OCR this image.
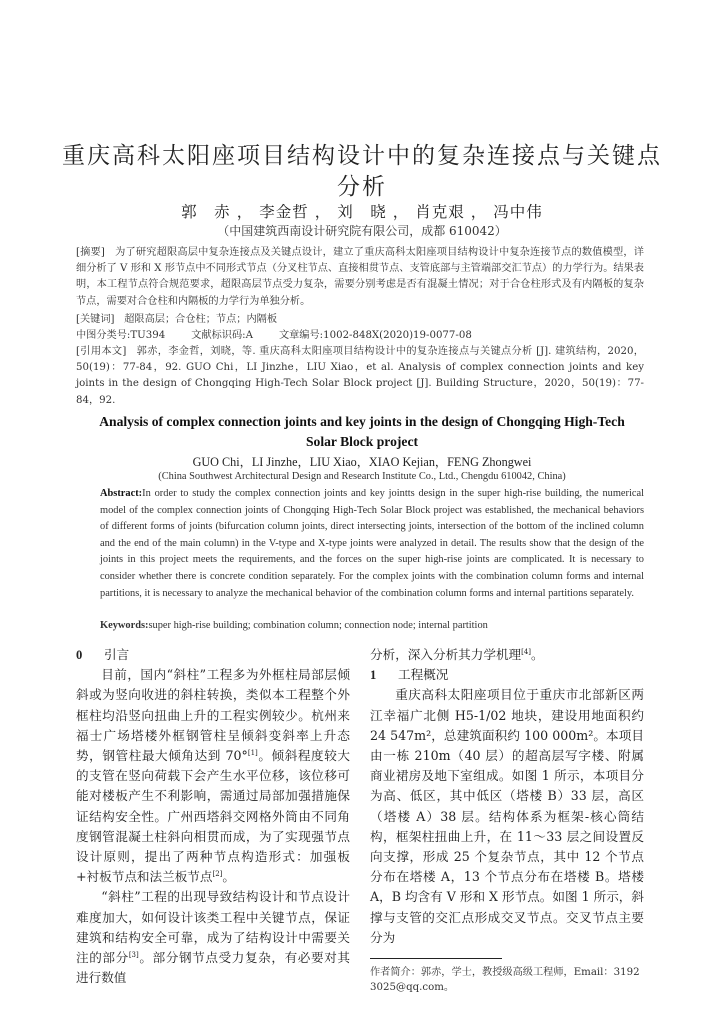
重庆高科太阳座项目结构设计中的复杂连接点与关键点分析
郭　赤 ， 李金哲 ， 刘　晓 ， 肖克艰 ， 冯中伟
（中国建筑西南设计研究院有限公司，成都 610042）
[摘要] 为了研究超限高层中复杂连接点及关键点设计，建立了重庆高科太阳座项目结构设计中复杂连接节点的数值模型，详细分析了 V 形和 X 形节点中不同形式节点（分叉柱节点、直接相贯节点、支管底部与主管端部交汇节点）的力学行为。结果表明，本工程节点符合规范要求，超限高层节点受力复杂，需要分别考虑是否有混凝土情况；对于合仓柱形式及有内隔板的复杂节点，需要对合仓柱和内隔板的力学行为单独分析。
[关键词] 超限高层；合仓柱；节点；内隔板
中图分类号:TU394	文献标识码:A	文章编号:1002-848X(2020)19-0077-08
[引用本文] 郭赤，李金哲，刘晓，等. 重庆高科太阳座项目结构设计中的复杂连接点与关键点分析 [J]. 建筑结构，2020，50(19)：77-84，92. GUO Chi，LI Jinzhe，LIU Xiao，et al. Analysis of complex connection joints and key joints in the design of Chongqing High-Tech Solar Block project [J]. Building Structure，2020，50(19)：77-84，92.
Analysis of complex connection joints and key joints in the design of Chongqing High-Tech
Solar Block project
GUO Chi，LI Jinzhe，LIU Xiao，XIAO Kejian，FENG Zhongwei
(China Southwest Architectural Design and Research Institute Co., Ltd., Chengdu 610042, China)
Abstract:In order to study the complex connection joints and key jointts design in the super high-rise building, the numerical model of the complex connection joints of Chongqing High-Tech Solar Block project was established, the mechanical behaviors of different forms of joints (bifurcation column joints, direct intersecting joints, intersection of the bottom of the inclined column and the end of the main column) in the V-type and X-type joints were analyzed in detail. The results show that the design of the joints in this project meets the requirements, and the forces on the super high-rise joints are complicated. It is necessary to consider whether there is concrete condition separately. For the complex joints with the combination column forms and internal partitions, it is necessary to analyze the mechanical behavior of the combination column forms and internal partitions separately.
Keywords:super high-rise building; combination column; connection node; internal partition
0 引言

目前，国内“斜柱”工程多为外框柱局部层倾斜或为竖向收进的斜柱转换，类似本工程整个外框柱均沿竖向扭曲上升的工程实例较少。杭州来福士广场塔楼外框钢管柱呈倾斜变斜率上升态势，钢管柱最大倾角达到 70°[1]。倾斜程度较大的支管在竖向荷载下会产生水平位移，该位移可能对楼板产生不利影响，需通过局部加强措施保证结构安全性。广州西塔斜交网格外筒由不同角度钢管混凝土柱斜向相贯而成，为了实现强节点设计原则，提出了两种节点构造形式：加强板+衬板节点和法兰板节点[2]。

“斜柱”工程的出现导致结构设计和节点设计难度加大，如何设计该类工程中关键节点，保证建筑和结构安全可靠，成为了结构设计中需要关注的部分[3]。部分钢节点受力复杂，有必要对其进行数值

分析，深入分析其力学机理[4]。

1 工程概况

重庆高科太阳座项目位于重庆市北部新区两江幸福广北侧 H5-1/02 地块，建设用地面积约 24 547m²，总建筑面积约 100 000m²。本项目由一栋 210m（40 层）的超高层写字楼、附属商业裙房及地下室组成。如图 1 所示，本项目分为高、低区，其中低区（塔楼 B）33 层，高区（塔楼 A）38 层。结构体系为框架-核心筒结构，框架柱扭曲上升，在 11～33 层之间设置反向支撑，形成 25 个复杂节点，其中 12 个节点分布在塔楼 A，13 个节点分布在塔楼 B。塔楼 A，B 均含有 V 形和 X 形节点。如图 1 所示，斜撑与支管的交汇点形成交叉节点。交叉节点主要分为

作者简介：郭赤，学士，教授级高级工程师，Email：31923025@qq.com。
